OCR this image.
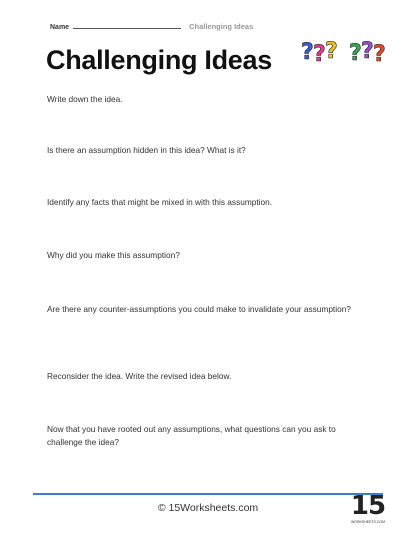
Name	Challenging Ideas
Challenging Ideas ? ? ? ? ? ?

Write down the idea.

Is there an assumption hidden in this idea? What is it?

Identify any facts that might be mixed in with this assumption.

Why did you make this assumption?

Are there any counter-assumptions you could make to invalidate your assumption?

Reconsider the idea. Write the revised idea below.

Now that you have rooted out any assumptions, what questions can you ask to challenge the idea?

© 15Worksheets.com	15
WORKSHEETS.COM
